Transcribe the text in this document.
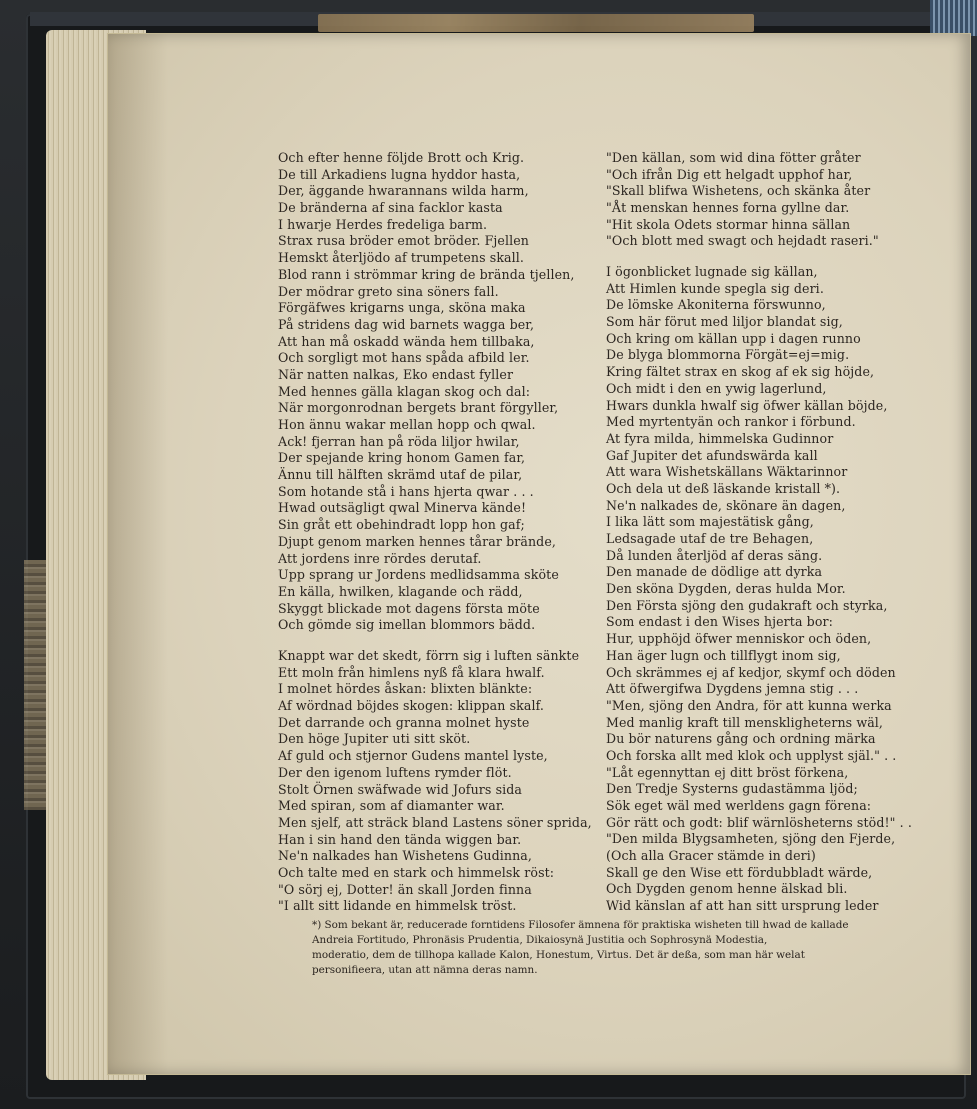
Och efter henne följde Brott och Krig.
De till Arkadiens lugna hyddor hasta,
Der, äggande hwarannans wilda harm,
De bränderna af sina facklor kasta
I hwarje Herdes fredeliga barm.
Strax rusa bröder emot bröder. Fjellen
Hemskt återljödo af trumpetens skall.
Blod rann i strömmar kring de brända tjellen,
Der mödrar greto sina söners fall.
Förgäfwes krigarns unga, sköna maka
På stridens dag wid barnets wagga ber,
Att han må oskadd wända hem tillbaka,
Och sorgligt mot hans spåda afbild ler.
När natten nalkas, Eko endast fyller
Med hennes gälla klagan skog och dal:
När morgonrodnan bergets brant förgyller,
Hon ännu wakar mellan hopp och qwal.
Ack! fjerran han på röda liljor hwilar,
Der spejande kring honom Gamen far,
Ännu till hälften skrämd utaf de pilar,
Som hotande stå i hans hjerta qwar . . .
Hwad outsägligt qwal Minerva kände!
Sin gråt ett obehindradt lopp hon gaf;
Djupt genom marken hennes tårar brände,
Att jordens inre rördes derutaf.
Upp sprang ur Jordens medlidsamma sköte
En källa, hwilken, klagande och rädd,
Skyggt blickade mot dagens första möte
Och gömde sig imellan blommors bädd.
Knappt war det skedt, förrn sig i luften sänkte
Ett moln från himlens nyß få klara hwalf.
I molnet hördes åskan: blixten blänkte:
Af wördnad böjdes skogen: klippan skalf.
Det darrande och granna molnet hyste
Den höge Jupiter uti sitt sköt.
Af guld och stjernor Gudens mantel lyste,
Der den igenom luftens rymder flöt.
Stolt Örnen swäfwade wid Jofurs sida
Med spiran, som af diamanter war.
Men sjelf, att sträck bland Lastens söner sprida,
Han i sin hand den tända wiggen bar.
Ne'n nalkades han Wishetens Gudinna,
Och talte med en stark och himmelsk röst:
"O sörj ej, Dotter! än skall Jorden finna
"I allt sitt lidande en himmelsk tröst.
"Den källan, som wid dina fötter gråter
"Och ifrån Dig ett helgadt upphof har,
"Skall blifwa Wishetens, och skänka åter
"Åt menskan hennes forna gyllne dar.
"Hit skola Odets stormar hinna sällan
"Och blott med swagt och hejdadt raseri."
I ögonblicket lugnade sig källan,
Att Himlen kunde spegla sig deri.
De lömske Akoniterna förswunno,
Som här förut med liljor blandat sig,
Och kring om källan upp i dagen runno
De blyga blommorna Förgät=ej=mig.
Kring fältet strax en skog af ek sig höjde,
Och midt i den en ywig lagerlund,
Hwars dunkla hwalf sig öfwer källan böjde,
Med myrtentyän och rankor i förbund.
At fyra milda, himmelska Gudinnor
Gaf Jupiter det afundswärda kall
Att wara Wishetskällans Wäktarinnor
Och dela ut deß läskande kristall *).
Ne'n nalkades de, skönare än dagen,
I lika lätt som majestätisk gång,
Ledsagade utaf de tre Behagen,
Då lunden återljöd af deras säng.
Den manade de dödlige att dyrka
Den sköna Dygden, deras hulda Mor.
Den Första sjöng den gudakraft och styrka,
Som endast i den Wises hjerta bor:
Hur, upphöjd öfwer menniskor och öden,
Han äger lugn och tillflygt inom sig,
Och skrämmes ej af kedjor, skymf och döden
Att öfwergifwa Dygdens jemna stig . . .
"Men, sjöng den Andra, för att kunna werka
Med manlig kraft till menskligheterns wäl,
Du bör naturens gång och ordning märka
Och forska allt med klok och upplyst själ." . .
"Låt egennyttan ej ditt bröst förkena,
Den Tredje Systerns gudastämma ljöd;
Sök eget wäl med werldens gagn förena:
Gör rätt och godt: blif wärnlösheterns stöd!" . .
"Den milda Blygsamheten, sjöng den Fjerde,
(Och alla Gracer stämde in deri)
Skall ge den Wise ett fördubbladt wärde,
Och Dygden genom henne älskad bli.
Wid känslan af att han sitt ursprung leder
*) Som bekant är, reducerade forntidens Filosofer ämnena för praktiska wisheten till hwad de kallade
Andreia Fortitudo, Phronäsis Prudentia, Dikaiosynä Justitia och Sophrosynä Modestia,
moderatio, dem de tillhopa kallade Kalon, Honestum, Virtus. Det är deßa, som man här welat
personifieera, utan att nämna deras namn.
